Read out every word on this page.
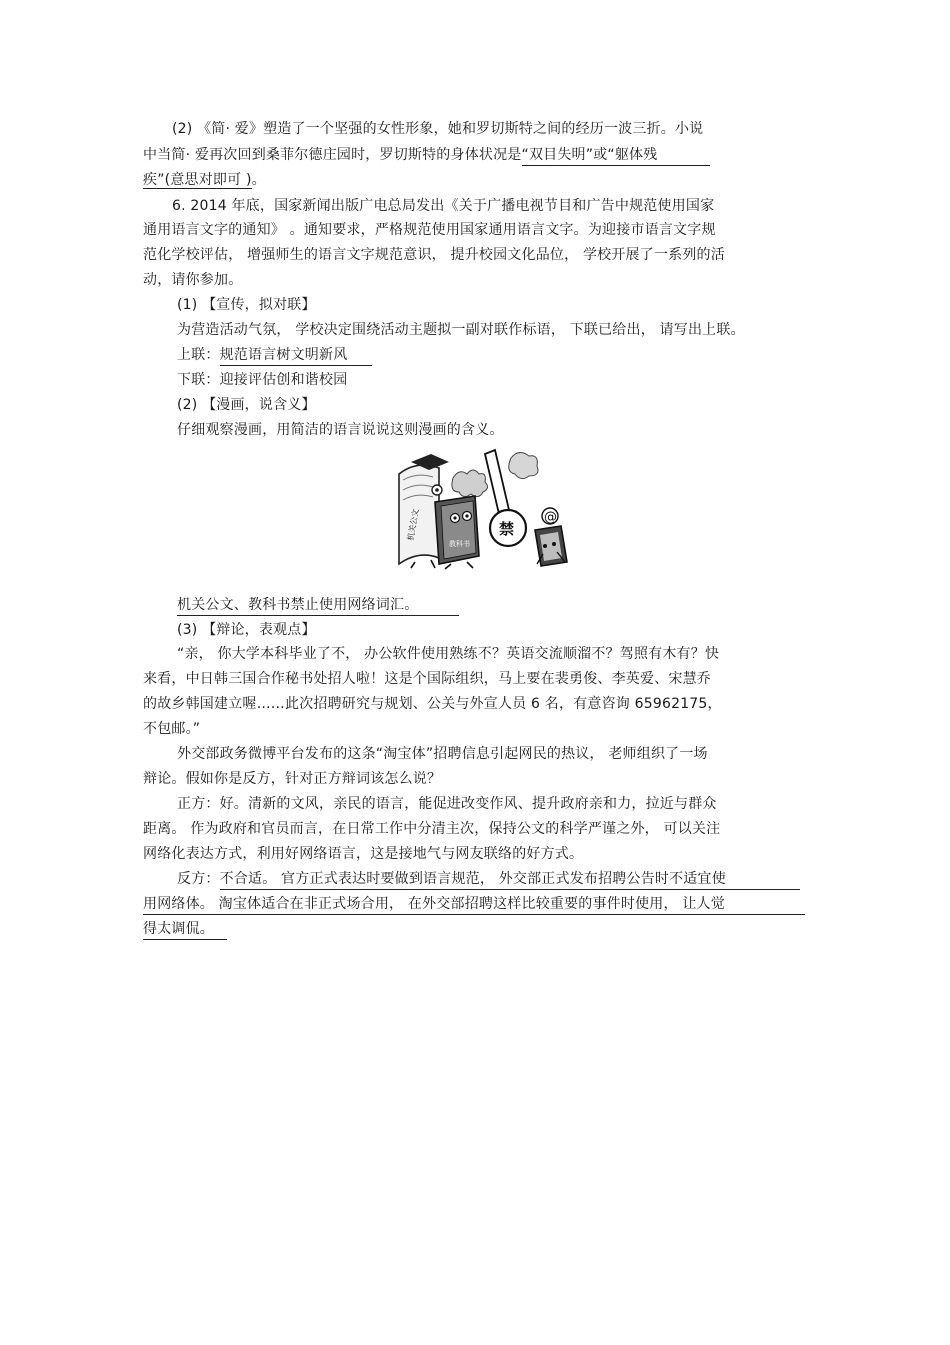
(2) 《简· 爱》塑造了一个坚强的女性形象，她和罗切斯特之间的经历一波三折。小说
中当简· 爱再次回到桑菲尔德庄园时，罗切斯特的身体状况是“双目失明”或“躯体残
疾”(意思对即可 )。
6. 2014 年底，国家新闻出版广电总局发出《关于广播电视节目和广告中规范使用国家
通用语言文字的通知》 。通知要求，严格规范使用国家通用语言文字。为迎接市语言文字规
范化学校评估， 增强师生的语言文字规范意识， 提升校园文化品位， 学校开展了一系列的活
动，请你参加。
(1) 【宣传，拟对联】
为营造活动气氛， 学校决定围绕活动主题拟一副对联作标语， 下联已给出， 请写出上联。
上联：规范语言树文明新风
下联：迎接评估创和谐校园
(2) 【漫画，说含义】
仔细观察漫画，用简洁的语言说说这则漫画的含义。
机关公文
教科书
禁
@
机关公文、教科书禁止使用网络词汇。
(3) 【辩论，表观点】
“亲， 你大学本科毕业了不， 办公软件使用熟练不？英语交流顺溜不？驾照有木有？快
来看，中日韩三国合作秘书处招人啦！这是个国际组织，马上要在裴勇俊、李英爱、宋慧乔
的故乡韩国建立喔……此次招聘研究与规划、公关与外宣人员 6 名，有意咨询 65962175，
不包邮。”
外交部政务微博平台发布的这条“淘宝体”招聘信息引起网民的热议， 老师组织了一场
辩论。假如你是反方，针对正方辩词该怎么说？
正方：好。清新的文风，亲民的语言，能促进改变作风、提升政府亲和力，拉近与群众
距离。 作为政府和官员而言，在日常工作中分清主次，保持公文的科学严谨之外， 可以关注
网络化表达方式，利用好网络语言，这是接地气与网友联络的好方式。
反方：不合适。 官方正式表达时要做到语言规范， 外交部正式发布招聘公告时不适宜使
用网络体。 淘宝体适合在非正式场合用， 在外交部招聘这样比较重要的事件时使用， 让人觉
得太调侃。
